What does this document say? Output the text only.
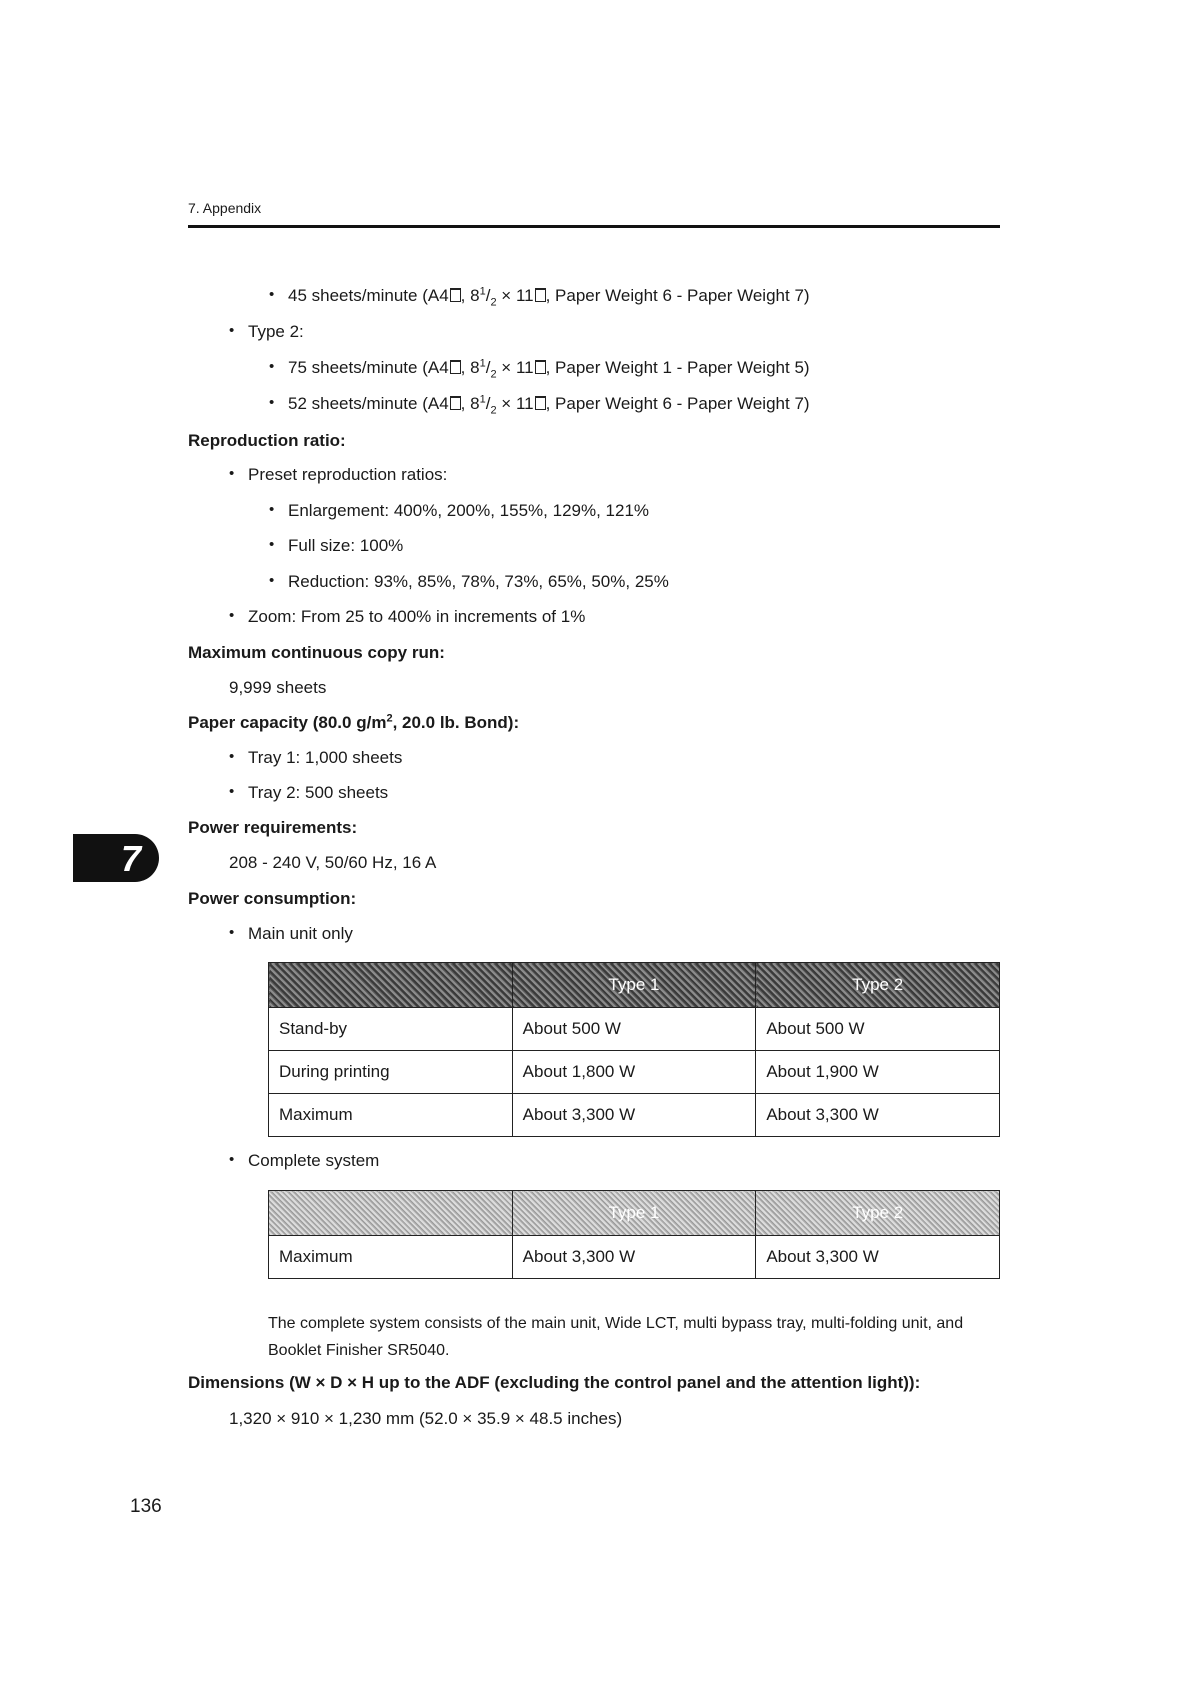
7. Appendix
• 45 sheets/minute (A4 , $8^1/_2 \times 11$ , Paper Weight 6 - Paper Weight 7)
• Type 2:
• 75 sheets/minute (A4 , $8^1/_2 \times 11$ , Paper Weight 1 - Paper Weight 5)
• 52 sheets/minute (A4 , $8^1/_2 \times 11$ , Paper Weight 6 - Paper Weight 7)
Reproduction ratio:
• Preset reproduction ratios:
• Enlargement: 400%, 200%, 155%, 129%, 121%
• Full size: 100%
• Reduction: 93%, 85%, 78%, 73%, 65%, 50%, 25%
• Zoom: From 25 to 400% in increments of 1%
Maximum continuous copy run:
9,999 sheets
Paper capacity (80.0 $g/m^2$, 20.0 lb. Bond):
• Tray 1: 1,000 sheets
• Tray 2: 500 sheets
Power requirements:
208 - 240 V, 50/60 Hz, 16 A
7
Power consumption:
• Main unit only
	Type 1	Type 2
Stand-by	About 500 W	About 500 W
During printing	About 1,800 W	About 1,900 W
Maximum	About 3,300 W	About 3,300 W
• Complete system
	Type 1	Type 2
Maximum	About 3,300 W	About 3,300 W
The complete system consists of the main unit, Wide LCT, multi bypass tray, multi-folding unit, and Booklet Finisher SR5040.
Dimensions (W × D × H up to the ADF (excluding the control panel and the attention light)):
1,320 × 910 × 1,230 mm (52.0 × 35.9 × 48.5 inches)
136
